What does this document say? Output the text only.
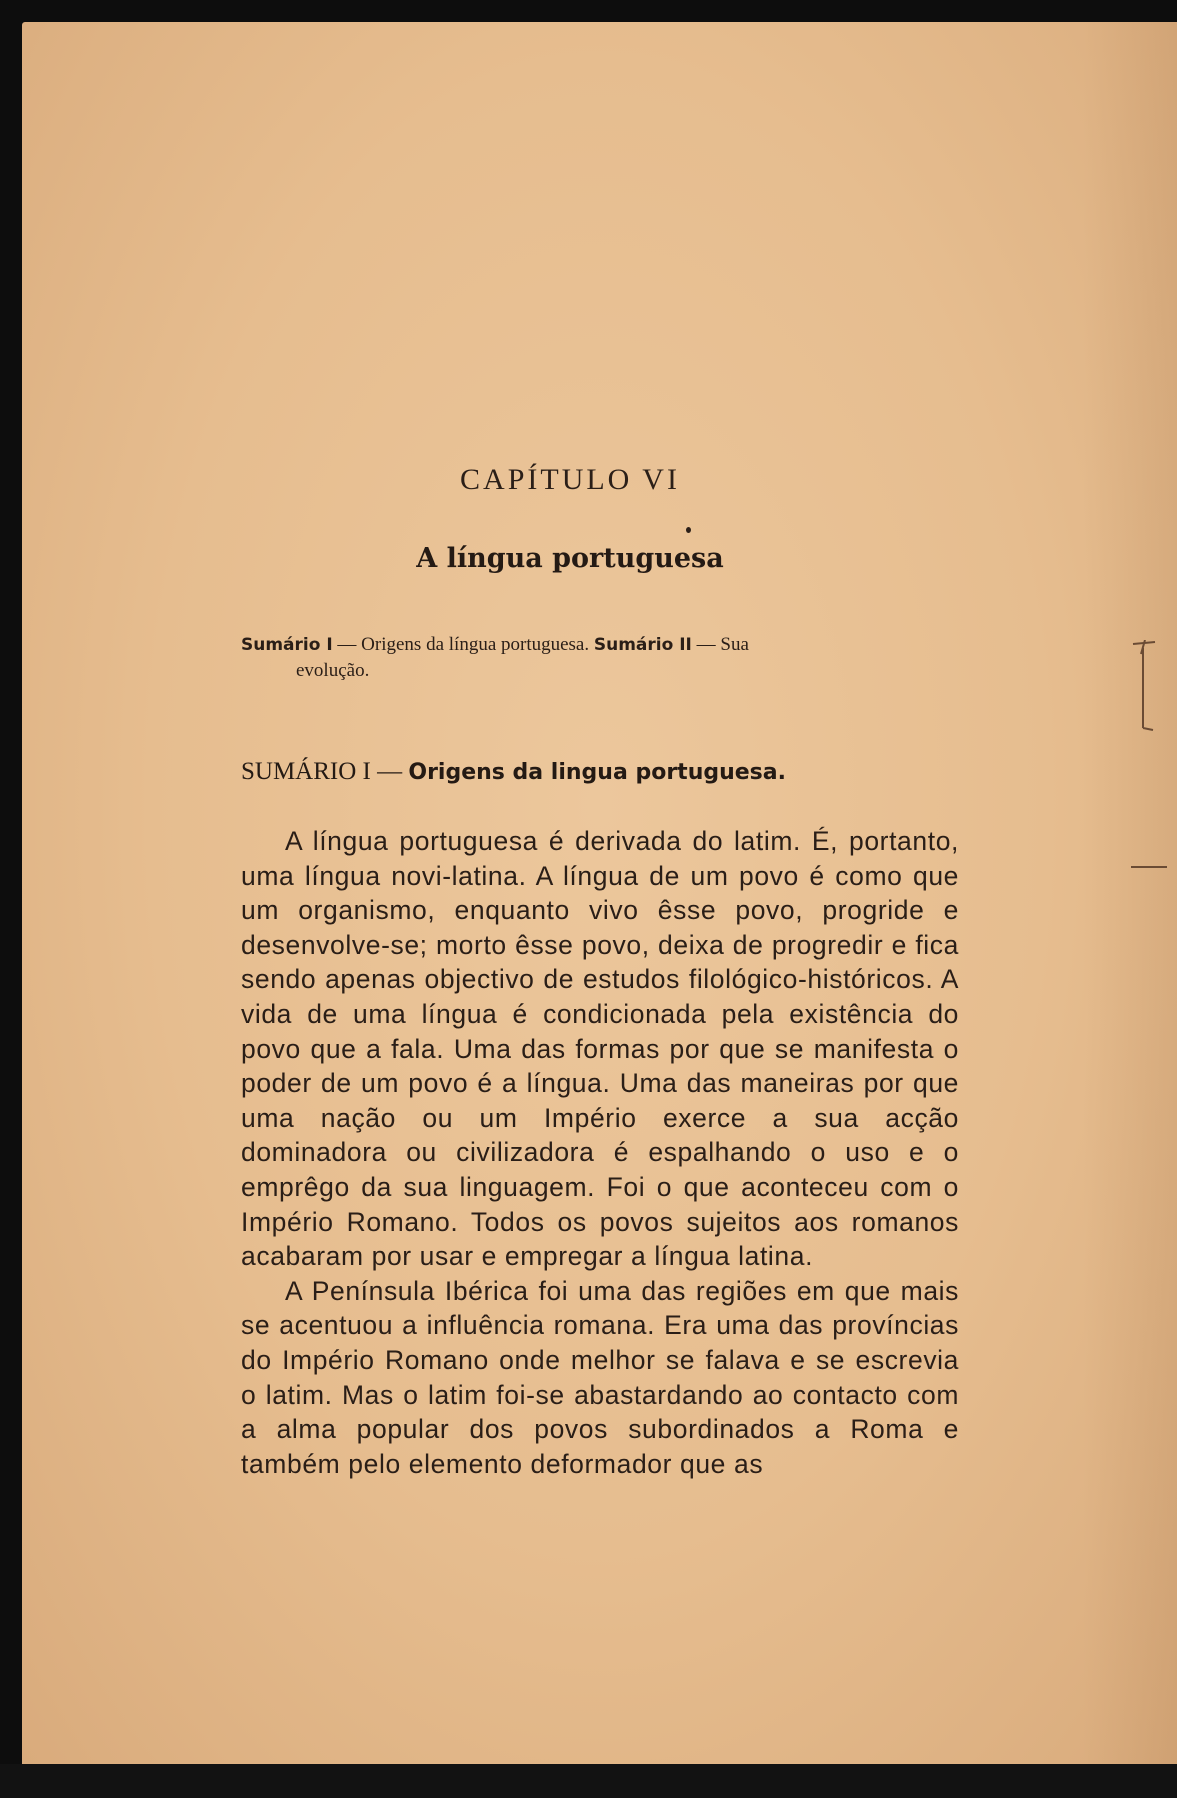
CAPÍTULO VI
A língua portuguesa
Sumário I — Origens da língua portuguesa. Sumário II — Sua
evolução.
SUMÁRIO I — Origens da lingua portuguesa.

A língua portuguesa é derivada do latim. É, portanto, uma língua novi-latina. A língua de um povo é como que um organismo, enquanto vivo êsse povo, progride e desenvolve-se; morto êsse povo, deixa de progredir e fica sendo apenas objectivo de estudos filológico-históricos. A vida de uma língua é condicionada pela existência do povo que a fala. Uma das formas por que se manifesta o poder de um povo é a língua. Uma das maneiras por que uma nação ou um Império exerce a sua acção dominadora ou civilizadora é espalhando o uso e o emprêgo da sua linguagem. Foi o que aconteceu com o Império Romano. Todos os povos sujeitos aos romanos acabaram por usar e empregar a língua latina.

A Península Ibérica foi uma das regiões em que mais se acentuou a influência romana. Era uma das províncias do Império Romano onde melhor se falava e se escrevia o latim. Mas o latim foi-se abastardando ao contacto com a alma popular dos povos subordinados a Roma e também pelo elemento deformador que as
